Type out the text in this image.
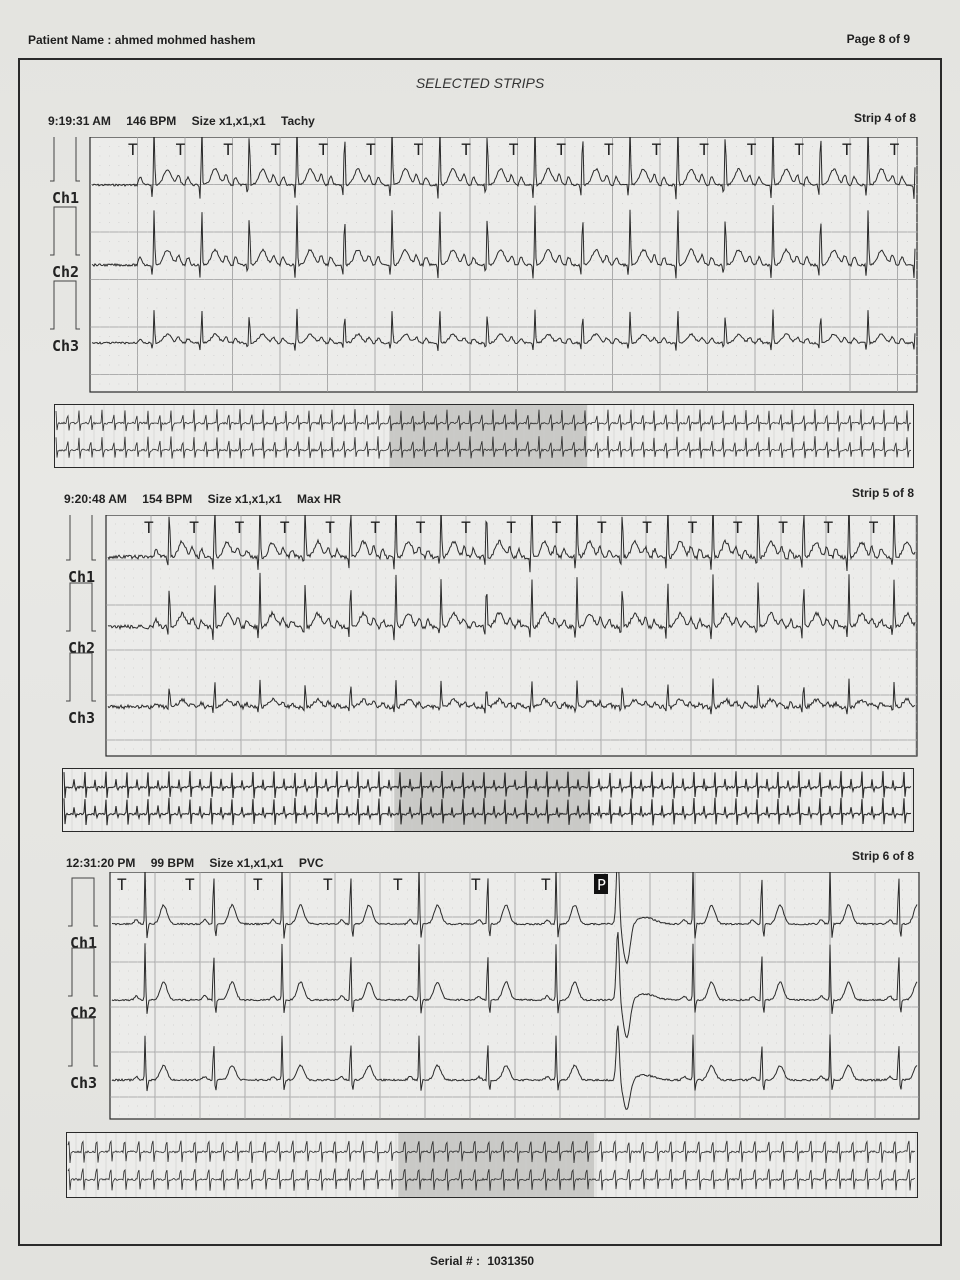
Patient Name : ahmed mohmed hashem	Page 8 of 9
SELECTED STRIPS
9:19:31 AM 146 BPM Size x1,x1,x1 Tachy	Strip 4 of 8
Ch1
Ch2
Ch3
T T T T T T T T T T T T T T T T T
9:20:48 AM 154 BPM Size x1,x1,x1 Max HR	Strip 5 of 8
Ch1
Ch2
Ch3
T T T T T T T T T T T T T T T T T
12:31:20 PM 99 BPM Size x1,x1,x1 PVC	Strip 6 of 8
Ch1
Ch2
Ch3
T	T	T	T	T	T	T	P
Serial # : 1031350
